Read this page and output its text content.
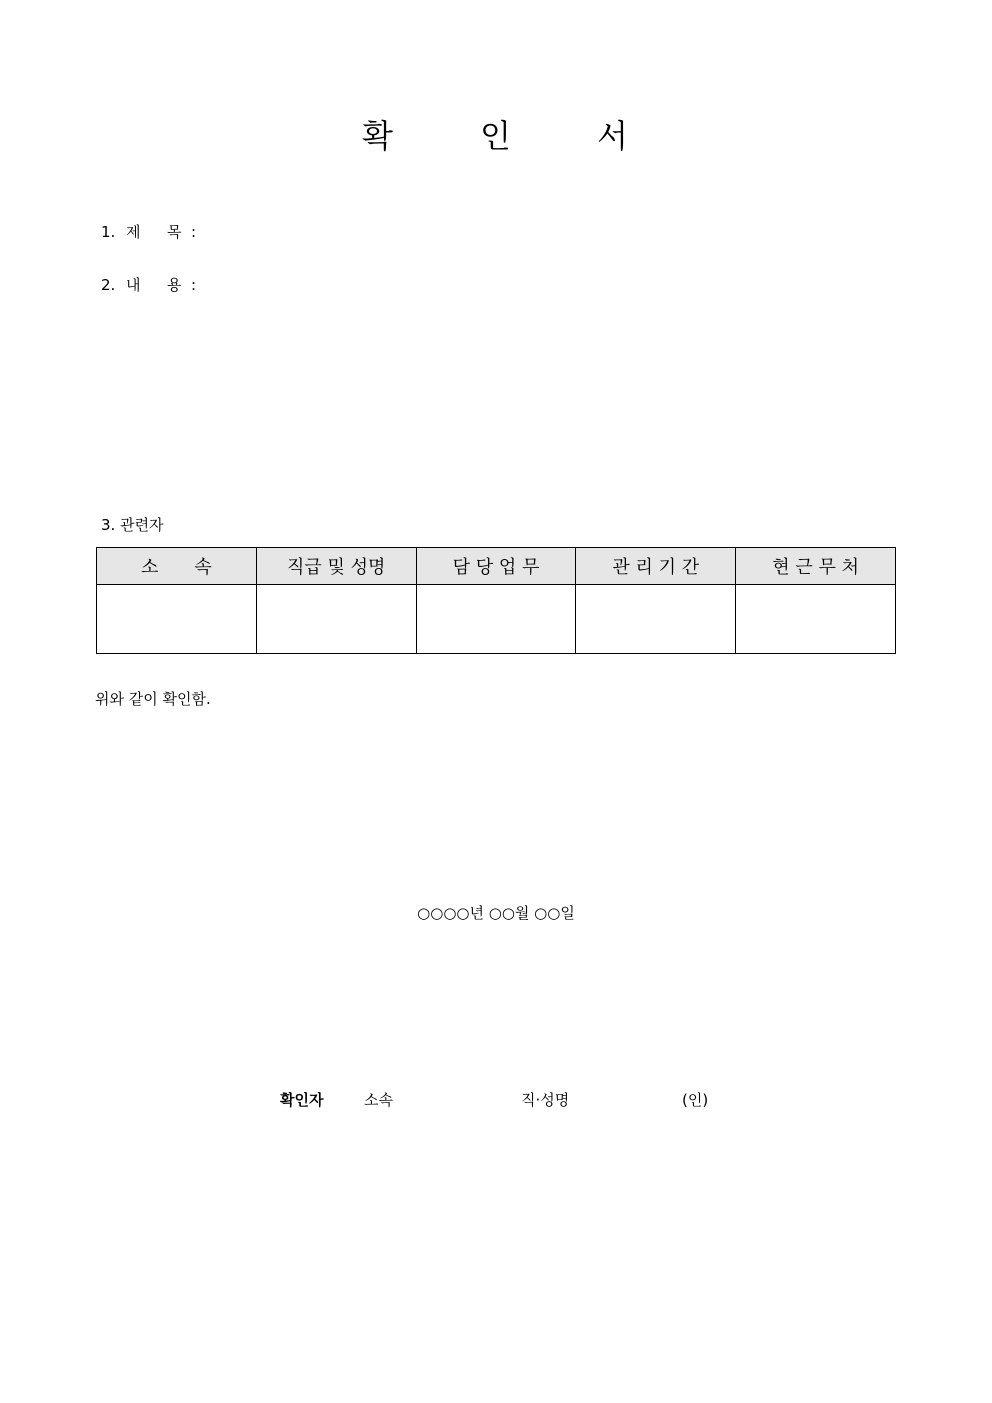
확	인	서
1. 제 목 :
2. 내 용 :
3. 관련자
소　　속	직급 및 성명	담 당 업 무	관 리 기 간	현 근 무 처

위와 같이 확인함.
○○○○년 ○○월 ○○일
확인자	소속	직·성명	(인)
